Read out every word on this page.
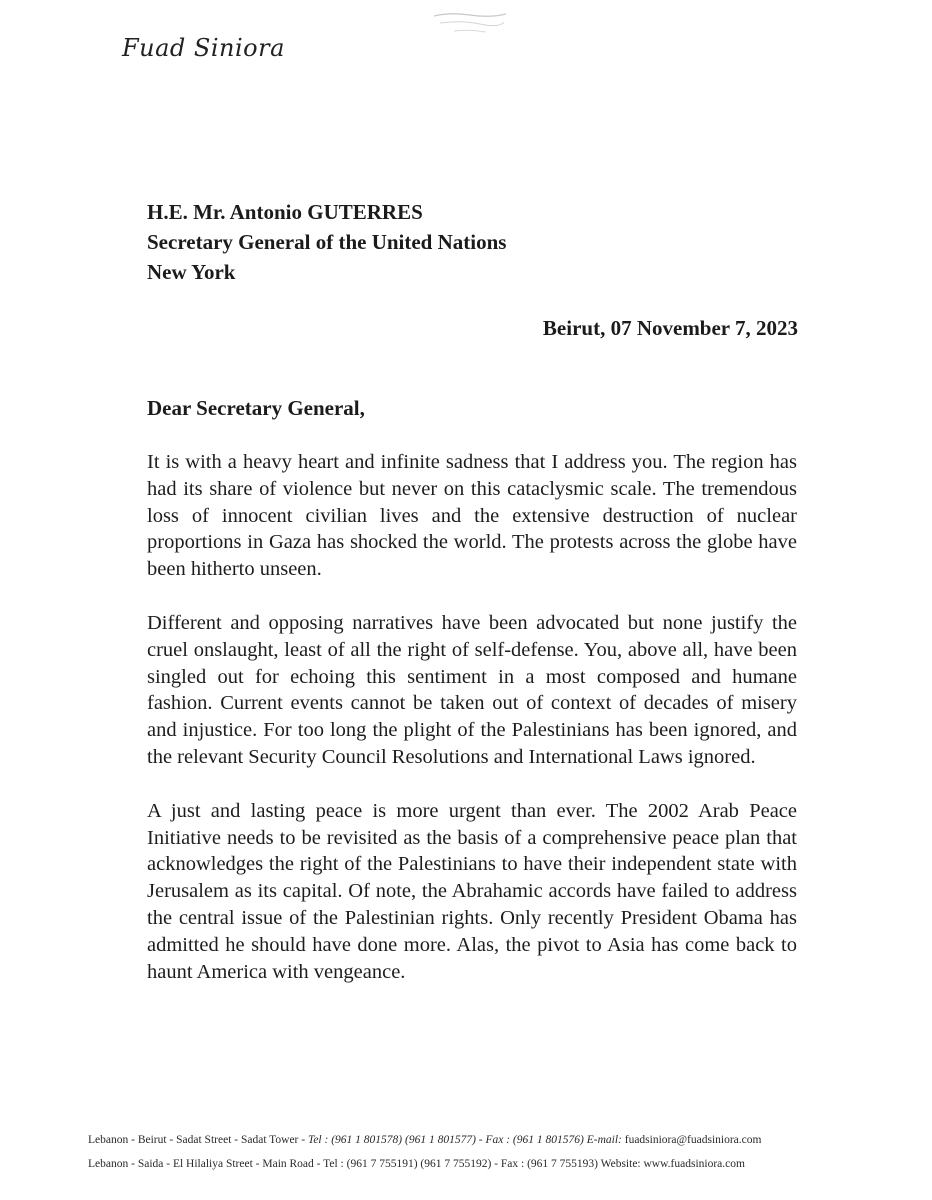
Fuad Siniora
H.E. Mr. Antonio GUTERRES
Secretary General of the United Nations
New York
Beirut, 07 November 7, 2023
Dear Secretary General,

It is with a heavy heart and infinite sadness that I address you. The region has had its share of violence but never on this cataclysmic scale. The tremendous loss of innocent civilian lives and the extensive destruction of nuclear proportions in Gaza has shocked the world. The protests across the globe have been hitherto unseen.

Different and opposing narratives have been advocated but none justify the cruel onslaught, least of all the right of self-defense. You, above all, have been singled out for echoing this sentiment in a most composed and humane fashion. Current events cannot be taken out of context of decades of misery and injustice. For too long the plight of the Palestinians has been ignored, and the relevant Security Council Resolutions and International Laws ignored.

A just and lasting peace is more urgent than ever. The 2002 Arab Peace Initiative needs to be revisited as the basis of a comprehensive peace plan that acknowledges the right of the Palestinians to have their independent state with Jerusalem as its capital. Of note, the Abrahamic accords have failed to address the central issue of the Palestinian rights. Only recently President Obama has admitted he should have done more. Alas, the pivot to Asia has come back to haunt America with vengeance.

Lebanon - Beirut - Sadat Street - Sadat Tower - Tel : (961 1 801578) (961 1 801577) - Fax : (961 1 801576) E-mail: fuadsiniora@fuadsiniora.com
Lebanon - Saida - El Hilaliya Street - Main Road - Tel : (961 7 755191) (961 7 755192) - Fax : (961 7 755193) Website: www.fuadsiniora.com
